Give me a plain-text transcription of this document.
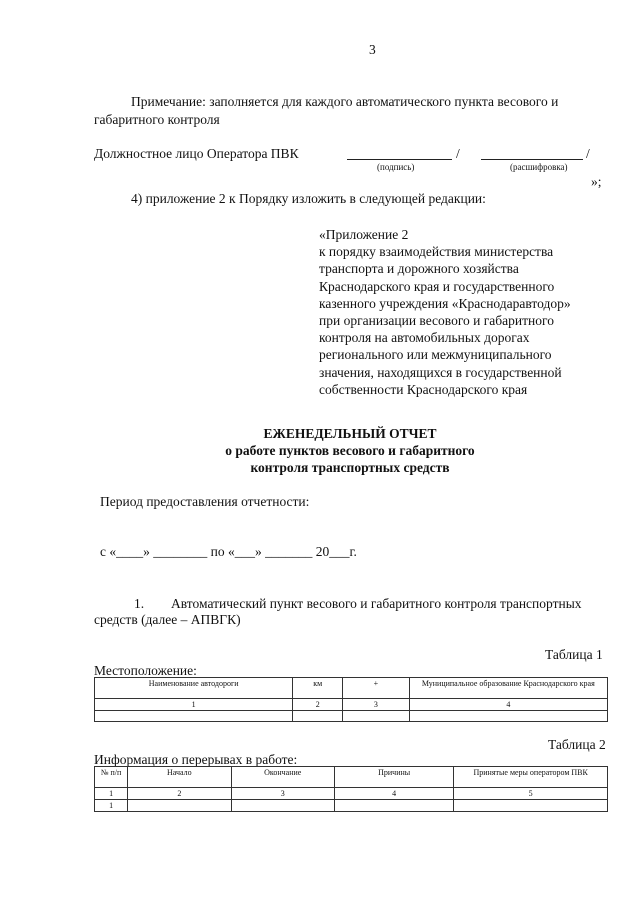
3
Примечание: заполняется для каждого автоматического пункта весового и
габаритного контроля
Должностное лицо Оператора ПВК	/	/
(подпись)	(расшифровка)
»;
4) приложение 2 к Порядку изложить в следующей редакции:
«Приложение 2
к порядку взаимодействия министерства
транспорта и дорожного хозяйства
Краснодарского края и государственного
казенного учреждения «Краснодаравтодор»
при организации весового и габаритного
контроля на автомобильных дорогах
регионального или межмуниципального
значения, находящихся в государственной
собственности Краснодарского края
ЕЖЕНЕДЕЛЬНЫЙ ОТЧЕТ
о работе пунктов весового и габаритного
контроля транспортных средств
Период предоставления отчетности:
с «____» ________ по «___» _______ 20___г.
1. Автоматический пункт весового и габаритного контроля транспортных
средств (далее – АПВГК)
Таблица 1
Местоположение:
Наименование автодороги	км	+	Муниципальное образование Краснодарского края
1	2	3	4

Таблица 2
Информация о перерывах в работе:
№ п/п	Начало	Окончание	Причины	Принятые меры оператором ПВК
1	2	3	4	5
1				
